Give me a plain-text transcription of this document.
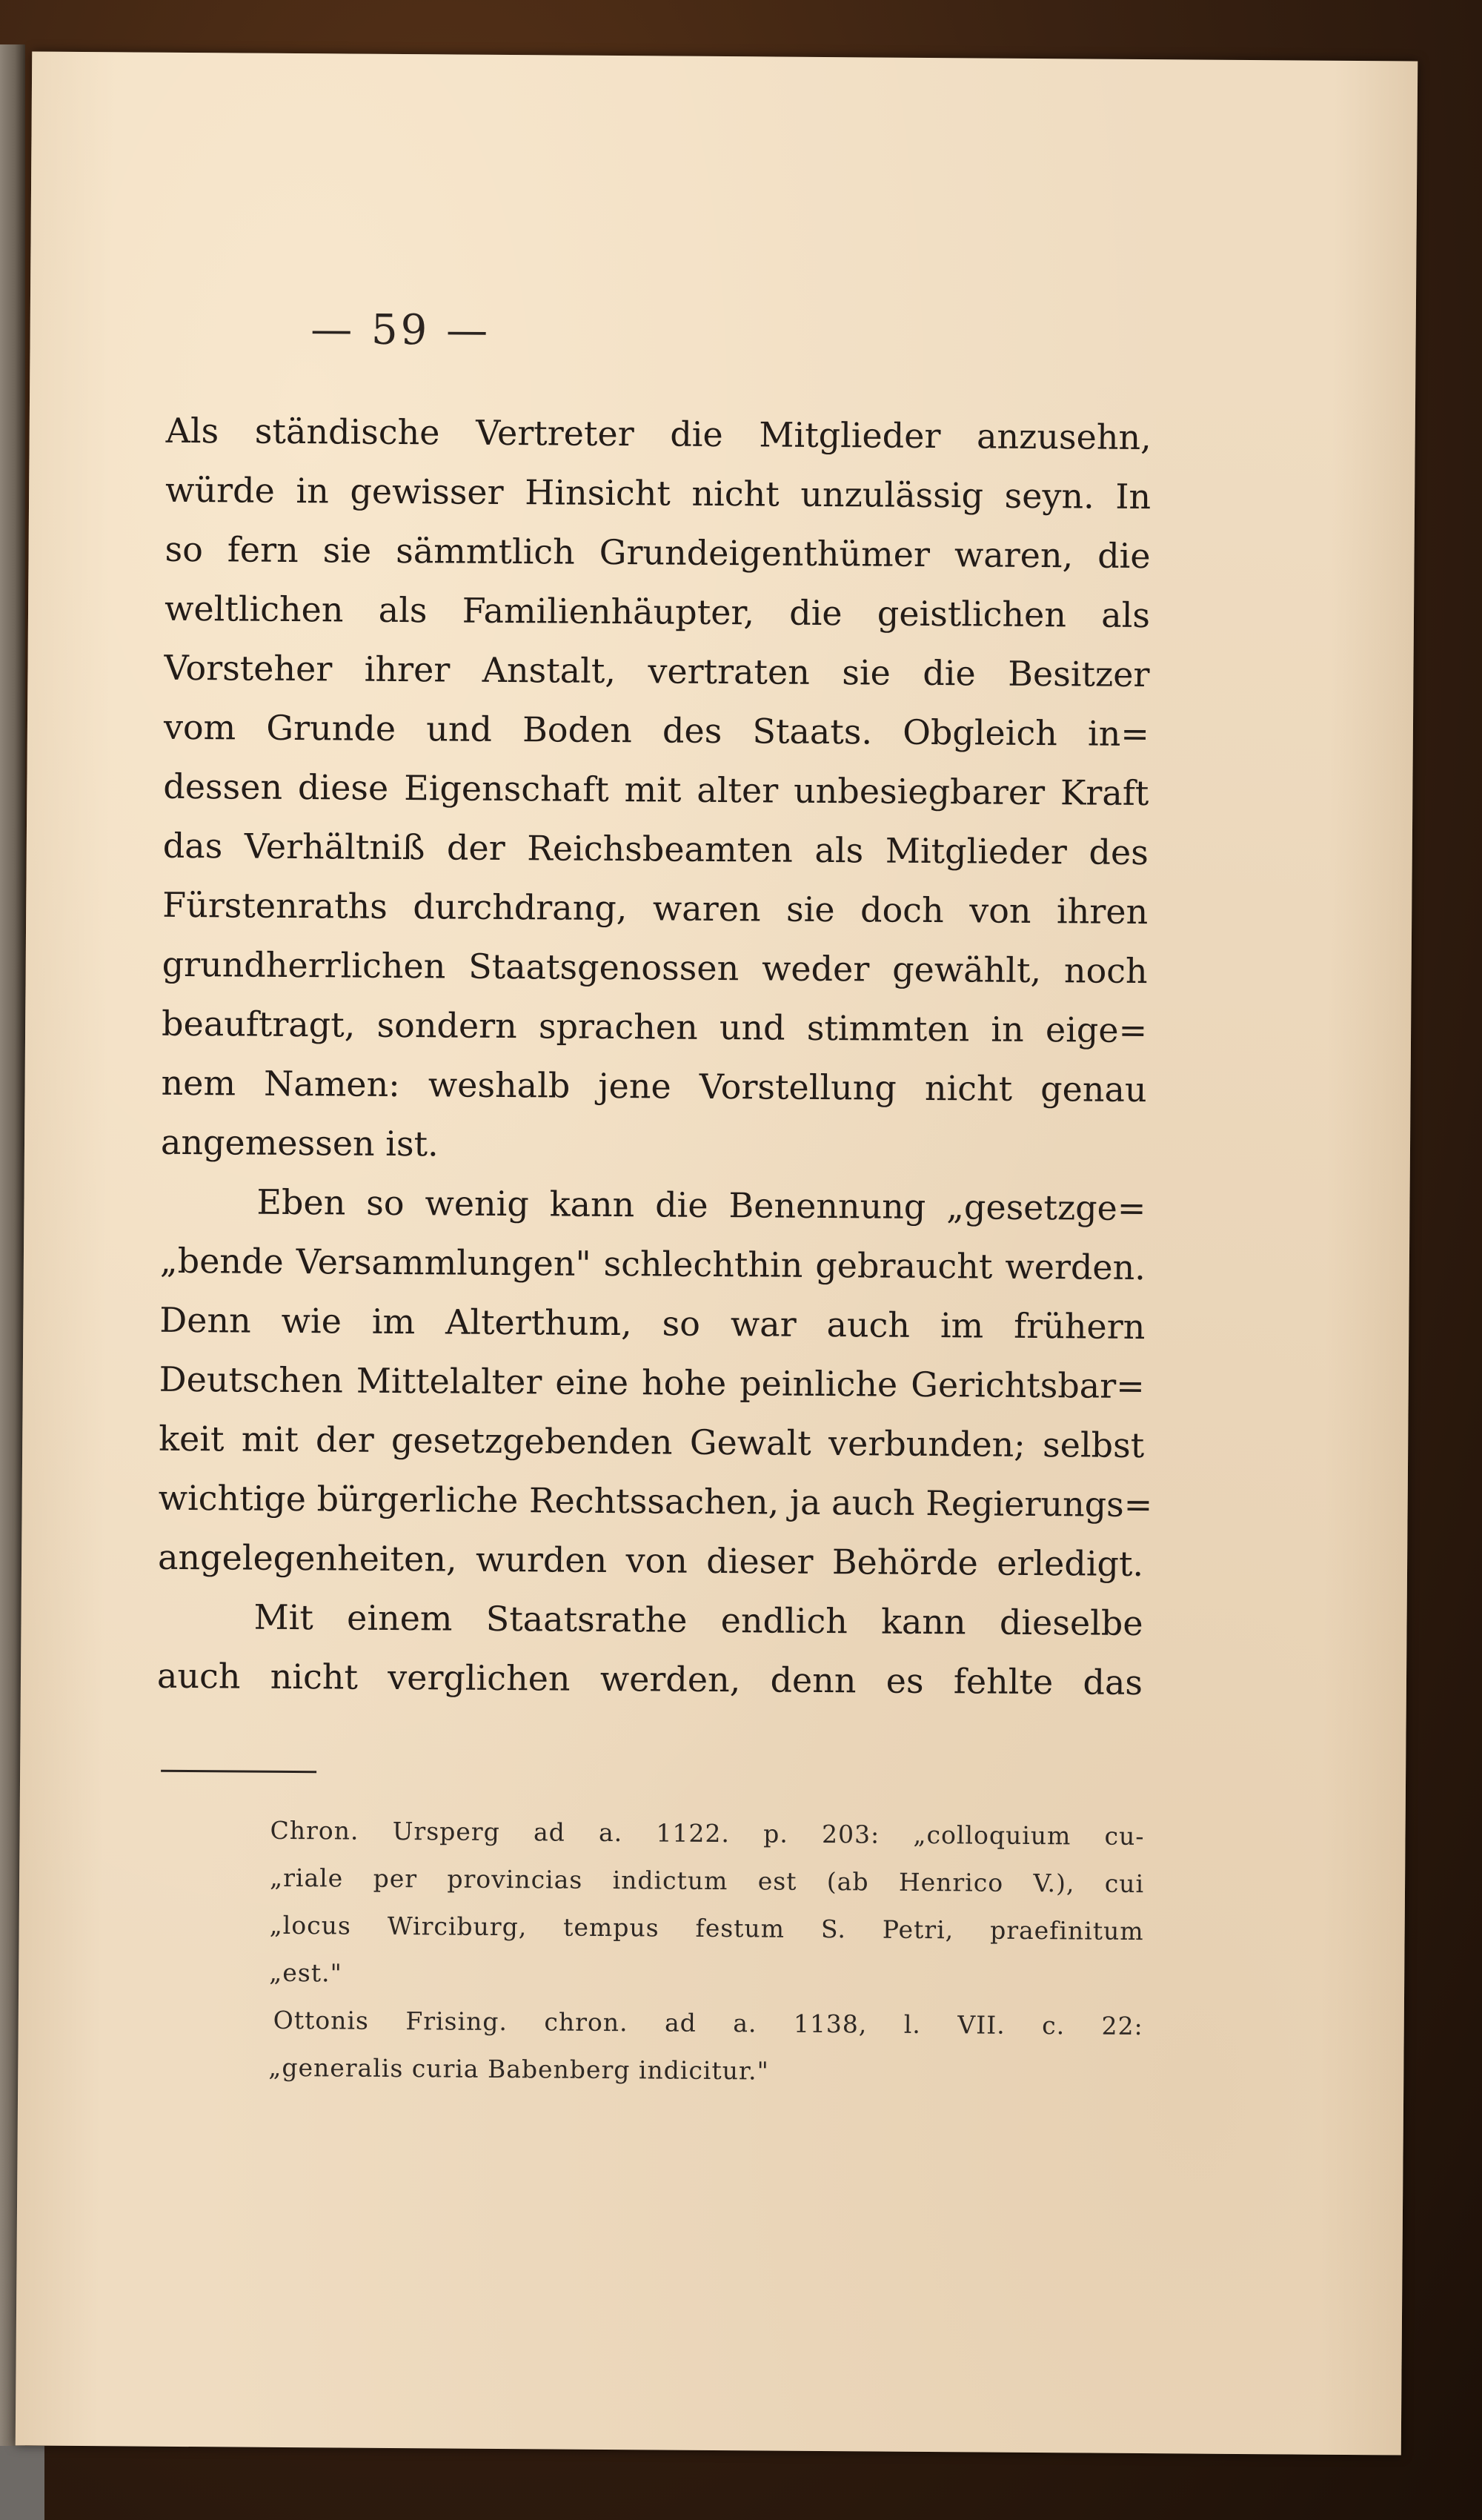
— 59 —
Als ständische Vertreter die Mitglieder anzusehn,
würde in gewisser Hinsicht nicht unzulässig seyn. In
so fern sie sämmtlich Grundeigenthümer waren, die
weltlichen als Familienhäupter, die geistlichen als
Vorsteher ihrer Anstalt, vertraten sie die Besitzer
vom Grunde und Boden des Staats. Obgleich in=
dessen diese Eigenschaft mit alter unbesiegbarer Kraft
das Verhältniß der Reichsbeamten als Mitglieder des
Fürstenraths durchdrang, waren sie doch von ihren
grundherrlichen Staatsgenossen weder gewählt, noch
beauftragt, sondern sprachen und stimmten in eige=
nem Namen: weshalb jene Vorstellung nicht genau
angemessen ist.
Eben so wenig kann die Benennung „gesetzge=
„bende Versammlungen" schlechthin gebraucht werden.
Denn wie im Alterthum, so war auch im frühern
Deutschen Mittelalter eine hohe peinliche Gerichtsbar=
keit mit der gesetzgebenden Gewalt verbunden; selbst
wichtige bürgerliche Rechtssachen, ja auch Regierungs=
angelegenheiten, wurden von dieser Behörde erledigt.
Mit einem Staatsrathe endlich kann dieselbe
auch nicht verglichen werden, denn es fehlte das
Chron. Ursperg ad a. 1122. p. 203: „colloquium cu-
„riale per provincias indictum est (ab Henrico V.), cui
„locus Wirciburg, tempus festum S. Petri, praefinitum
„est."
Ottonis Frising. chron. ad a. 1138, l. VII. c. 22:
„generalis curia Babenberg indicitur."
